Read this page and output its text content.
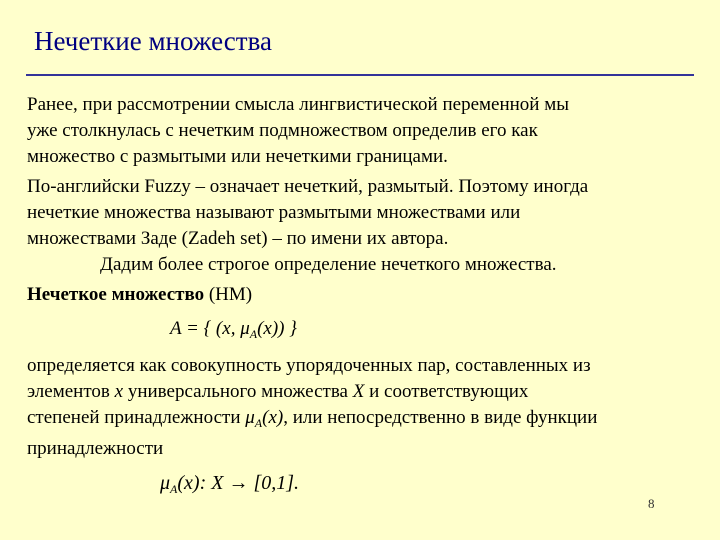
Нечеткие множества

Ранее, при рассмотрении смысла лингвистической переменной мы
уже столкнулась с нечетким подмножеством определив его как
множество с размытыми или нечеткими границами.

По-английски Fuzzy – означает нечеткий, размытый. Поэтому иногда
нечеткие множества называют размытыми множествами или
множествами Заде (Zadeh set) – по имени их автора.

Дадим более строгое определение нечеткого множества.

Нечеткое множество (НМ)

A = { (x, $\mu_A(x)$) }

определяется как совокупность упорядоченных пар, составленных из
элементов x универсального множества X и соответствующих
степеней принадлежности $\mu_A(x)$, или непосредственно в виде функции
принадлежности

$\mu_A(x)$: X → [0,1].

8
